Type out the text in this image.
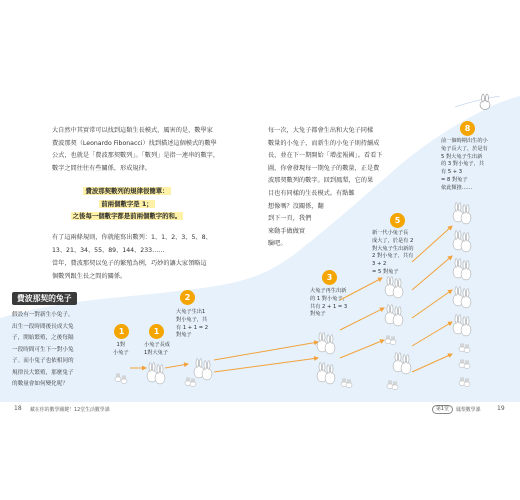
大自然中其實常可以找到這類生長模式，厲害的是，數學家
費波那契（Leonardo Fibonacci）找到描述這個模式的數學
公式，也就是「費波那契數列」。「數列」是指一連串的數字，
數字之間往往有些關係，形成規律。
費波那契數列的規律很簡單：
前兩個數字是 1；
之後每一個數字都是前兩個數字的和。
有了這兩條規則，你就能寫出數列：1、1、2、3、5、8、
13、21、34、55、89、144、233……
當年，費波那契以兔子的繁殖為例，巧妙的讓大家領略這
個數列跟生長之間的關係。
每一次，大兔子都會生出和大兔子同樣
數量的小兔子，而新生的小兔子則持續成
長，並在下一期開始「增產報國」。看看下
圖，你會發現每一期兔子的數量，正是費
波那契數列的數字。回到鳳梨，它的果
目也有同樣的生長模式。有點難
想像嗎？沒關係，翻
到下一頁，我們
來動手做做實
驗吧。
費波那契的兔子
假設有一對新生小兔子，
出生一段時間後長成大兔
子，開始繁殖，之後每隔
一段時間可生下一對小兔
子。而小兔子也依相同的
規律長大繁殖，那麼兔子
的數量會如何變化呢？
1	1
2
3
5
8
1對
小兔子
小兔子長成
1對大兔子
大兔子生出1
對小兔子，共
有 1 + 1 = 2
對兔子
大兔子再生出新
的 1 對小兔子，
共有 2 + 1 = 3
對兔子
新一代小兔子長
成大了，於是有 2
對大兔子生出新的
2 對小兔子，共有
3 + 2
= 5 對兔子
前一個時期出生的小
兔子長大了，於是有
5 對大兔子生出新
的 3 對小兔子，共
有 5 + 3
= 8 對兔子
依此類推……
18 藏在你的數學關鍵！12堂生活數學課	第1堂	鳳梨數學課	19
